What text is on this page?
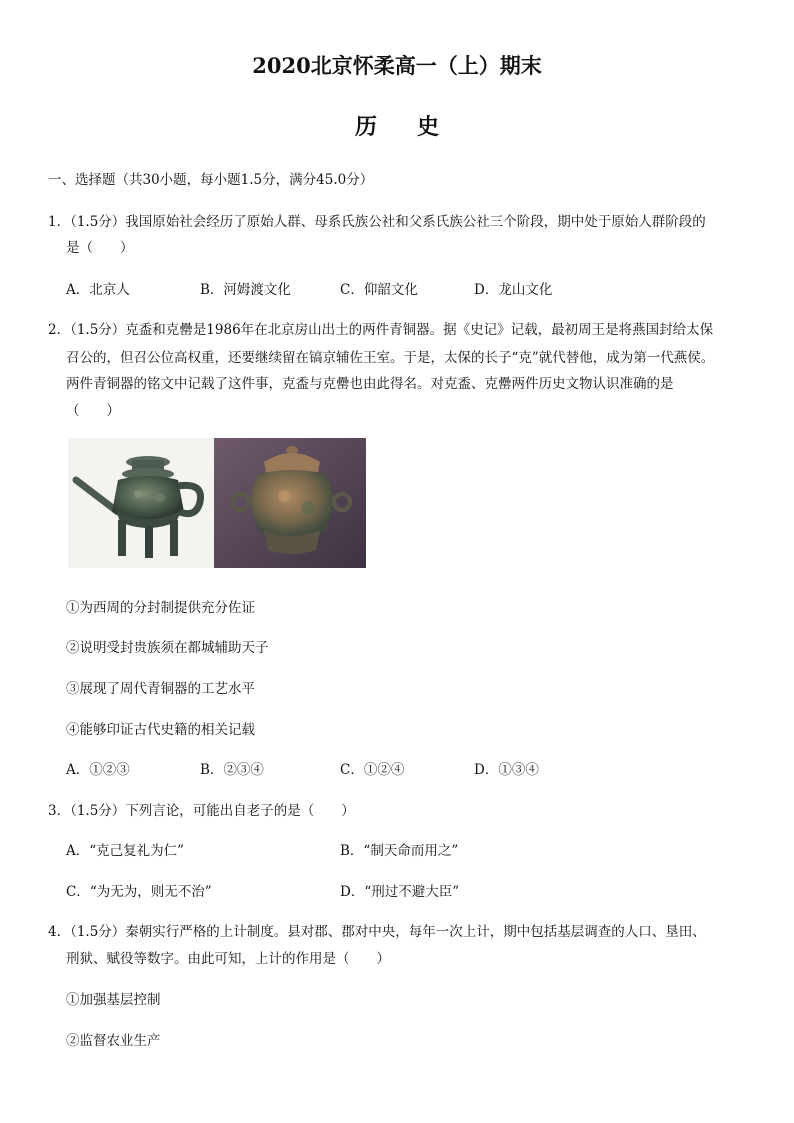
2020北京怀柔高一（上）期末
历史
一、选择题（共30小题，每小题1.5分，满分45.0分）
1．（1.5分）我国原始社会经历了原始人群、母系氏族公社和父系氏族公社三个阶段，期中处于原始人群阶段的
是（　　）
A．北京人	B．河姆渡文化	C．仰韶文化	D．龙山文化
2．（1.5分）克盉和克罍是1986年在北京房山出土的两件青铜器。据《史记》记载，最初周王是将燕国封给太保
召公的，但召公位高权重，还要继续留在镐京辅佐王室。于是，太保的长子“克”就代替他，成为第一代燕侯。
两件青铜器的铭文中记载了这件事，克盉与克罍也由此得名。对克盉、克罍两件历史文物认识准确的是
（　　）
①为西周的分封制提供充分佐证
②说明受封贵族须在都城辅助天子
③展现了周代青铜器的工艺水平
④能够印证古代史籍的相关记载
A．①②③	B．②③④	C．①②④	D．①③④
3．（1.5分）下列言论，可能出自老子的是（　　）
A．“克己复礼为仁”	B．“制天命而用之”
C．“为无为，则无不治”	D．“刑过不避大臣”
4．（1.5分）秦朝实行严格的上计制度。县对郡、郡对中央，每年一次上计，期中包括基层调查的人口、垦田、
刑狱、赋役等数字。由此可知，上计的作用是（　　）
①加强基层控制
②监督农业生产
